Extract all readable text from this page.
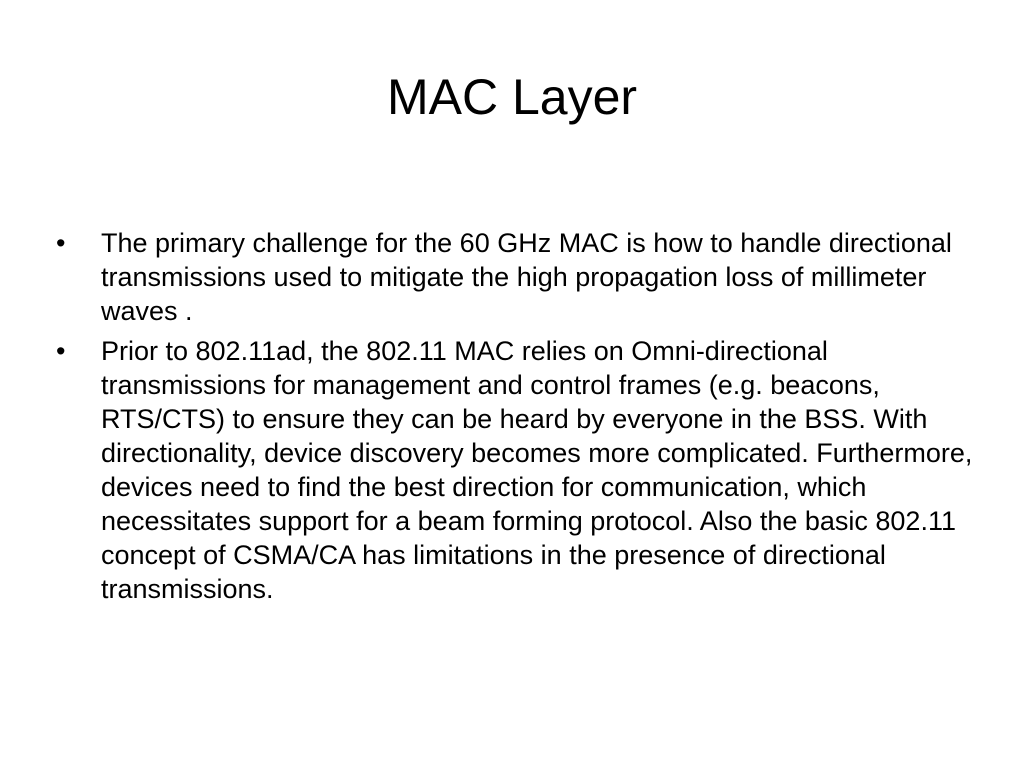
MAC Layer
•	The primary challenge for the 60 GHz MAC is how to handle directional transmissions used to mitigate the high propagation loss of millimeter waves .
•	Prior to 802.11ad, the 802.11 MAC relies on Omni-directional transmissions for management and control frames (e.g. beacons, RTS/CTS) to ensure they can be heard by everyone in the BSS. With directionality, device discovery becomes more complicated. Furthermore, devices need to find the best direction for communication, which necessitates support for a beam forming protocol. Also the basic 802.11 concept of CSMA/CA has limitations in the presence of directional transmissions.
